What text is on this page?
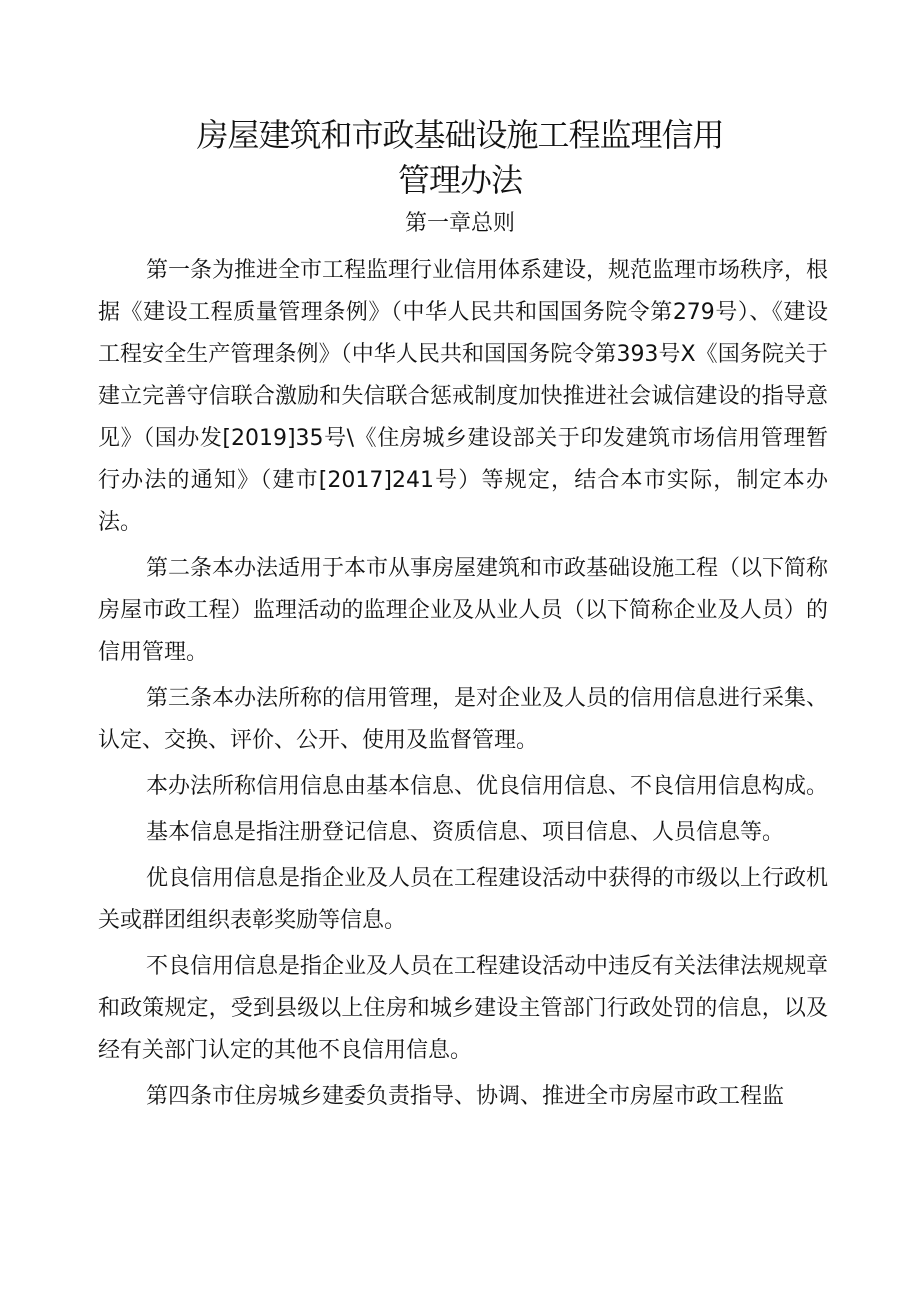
房屋建筑和市政基础设施工程监理信用
管理办法
第一章总则

第一条为推进全市工程监理行业信用体系建设，规范监理市场秩序，根据《建设工程质量管理条例》（中华人民共和国国务院令第279号）、《建设工程安全生产管理条例》（中华人民共和国国务院令第393号X《国务院关于建立完善守信联合激励和失信联合惩戒制度加快推进社会诚信建设的指导意见》（国办发[2019]35号\《住房城乡建设部关于印发建筑市场信用管理暂行办法的通知》（建市[2017]241号）等规定，结合本市实际，制定本办法。

第二条本办法适用于本市从事房屋建筑和市政基础设施工程（以下简称房屋市政工程）监理活动的监理企业及从业人员（以下简称企业及人员）的信用管理。

第三条本办法所称的信用管理，是对企业及人员的信用信息进行采集、认定、交换、评价、公开、使用及监督管理。

本办法所称信用信息由基本信息、优良信用信息、不良信用信息构成。

基本信息是指注册登记信息、资质信息、项目信息、人员信息等。

优良信用信息是指企业及人员在工程建设活动中获得的市级以上行政机关或群团组织表彰奖励等信息。

不良信用信息是指企业及人员在工程建设活动中违反有关法律法规规章和政策规定，受到县级以上住房和城乡建设主管部门行政处罚的信息，以及经有关部门认定的其他不良信用信息。

第四条市住房城乡建委负责指导、协调、推进全市房屋市政工程监
